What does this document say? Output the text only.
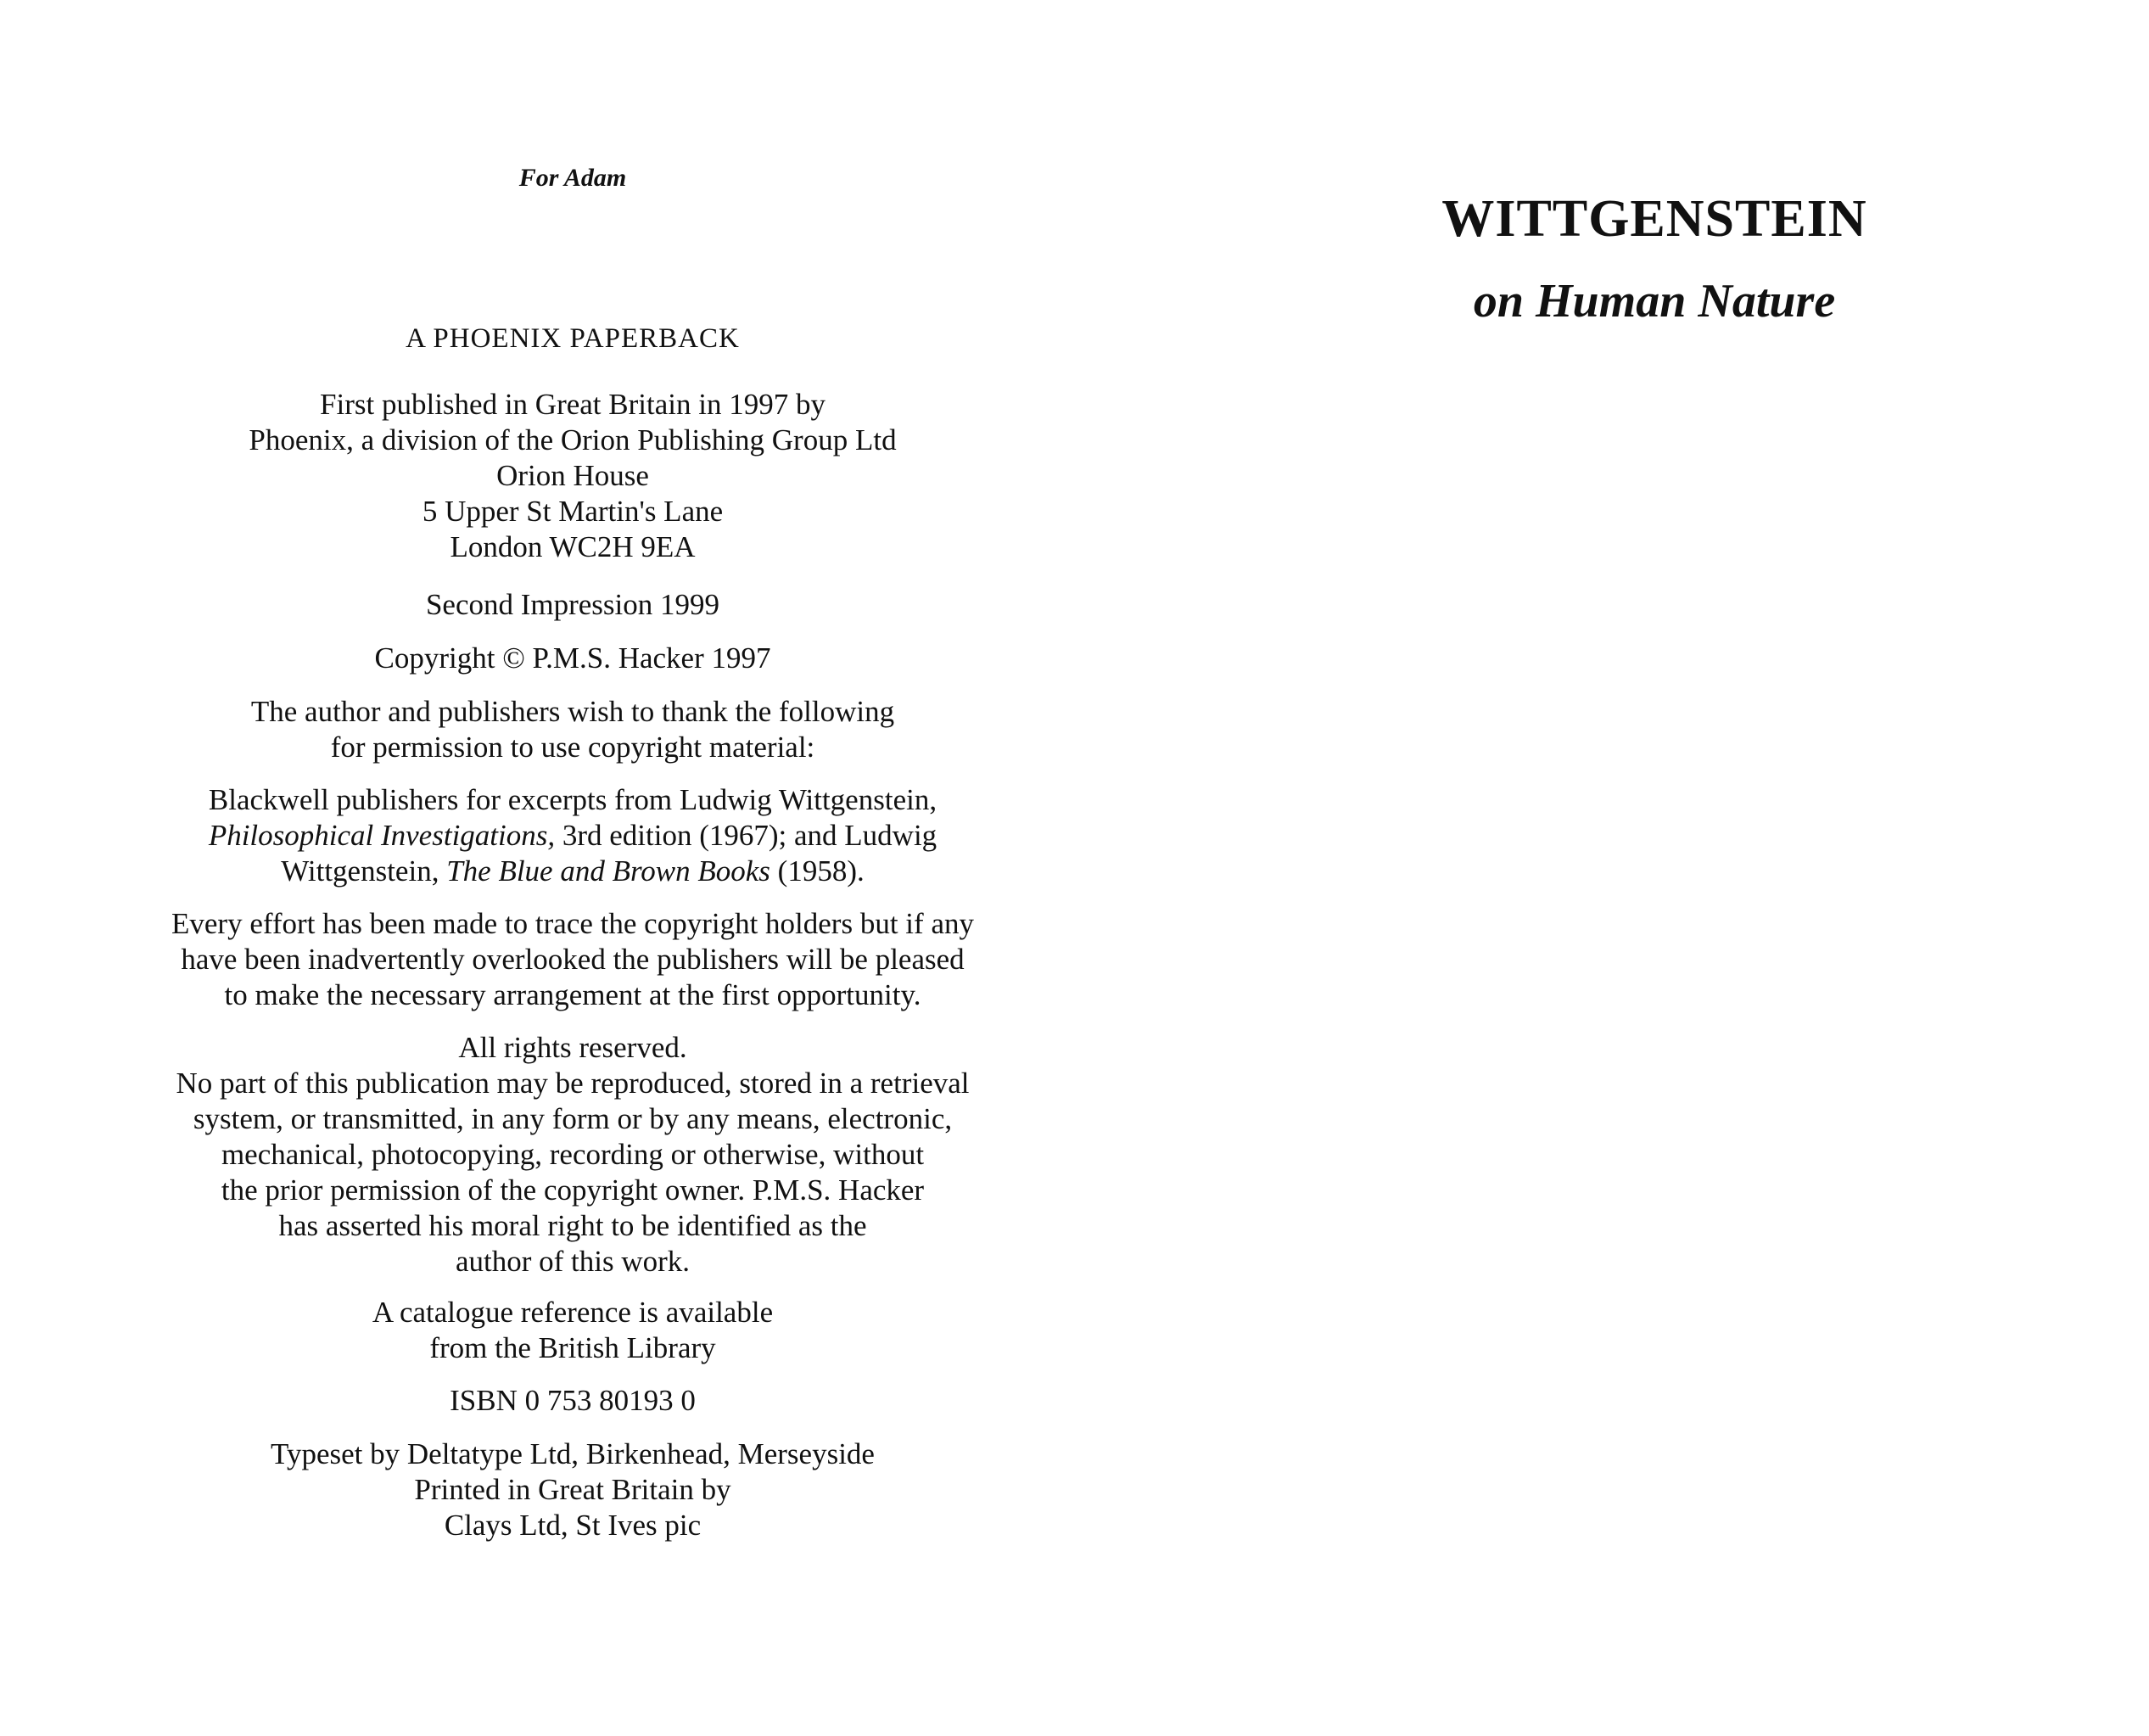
For Adam
A PHOENIX PAPERBACK

First published in Great Britain in 1997 by
Phoenix, a division of the Orion Publishing Group Ltd
Orion House
5 Upper St Martin's Lane
London WC2H 9EA

Second Impression 1999

Copyright © P.M.S. Hacker 1997

The author and publishers wish to thank the following
for permission to use copyright material:

Blackwell publishers for excerpts from Ludwig Wittgenstein,
Philosophical Investigations, 3rd edition (1967); and Ludwig
Wittgenstein, The Blue and Brown Books (1958).

Every effort has been made to trace the copyright holders but if any
have been inadvertently overlooked the publishers will be pleased
to make the necessary arrangement at the first opportunity.

All rights reserved.
No part of this publication may be reproduced, stored in a retrieval
system, or transmitted, in any form or by any means, electronic,
mechanical, photocopying, recording or otherwise, without
the prior permission of the copyright owner. P.M.S. Hacker
has asserted his moral right to be identified as the
author of this work.

A catalogue reference is available
from the British Library

ISBN 0 753 80193 0

Typeset by Deltatype Ltd, Birkenhead, Merseyside
Printed in Great Britain by
Clays Ltd, St Ives pic

WITTGENSTEIN
on Human Nature
